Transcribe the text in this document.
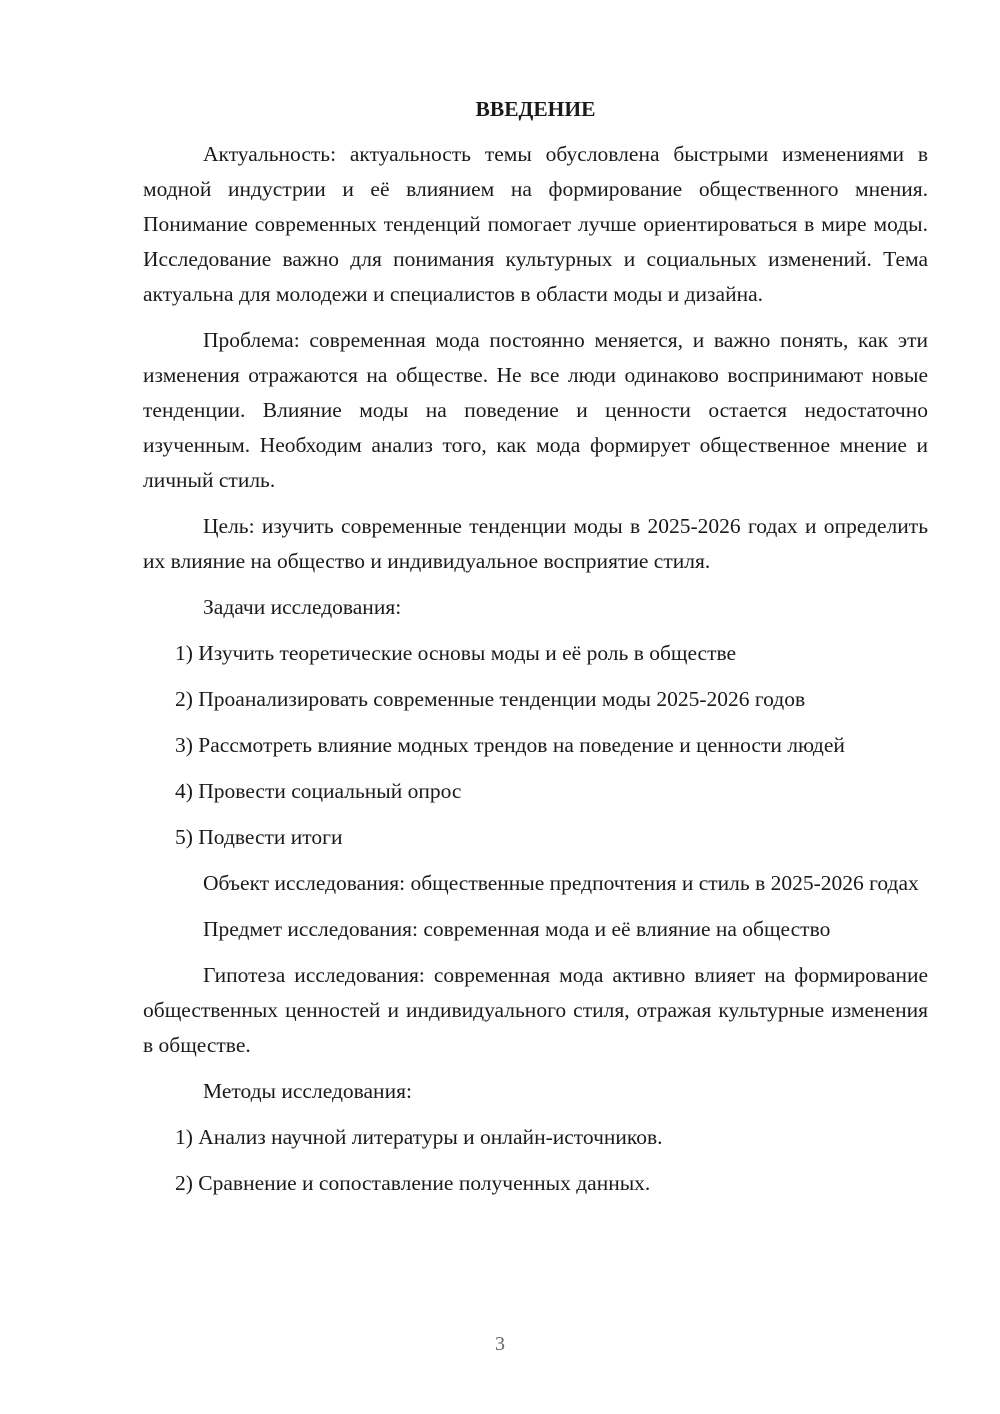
ВВЕДЕНИЕ

Актуальность: актуальность темы обусловлена быстрыми изменениями в модной индустрии и её влиянием на формирование общественного мнения. Понимание современных тенденций помогает лучше ориентироваться в мире моды. Исследование важно для понимания культурных и социальных изменений. Тема актуальна для молодежи и специалистов в области моды и дизайна.

Проблема: современная мода постоянно меняется, и важно понять, как эти изменения отражаются на обществе. Не все люди одинаково воспринимают новые тенденции. Влияние моды на поведение и ценности остается недостаточно изученным. Необходим анализ того, как мода формирует общественное мнение и личный стиль.

Цель: изучить современные тенденции моды в 2025-2026 годах и определить их влияние на общество и индивидуальное восприятие стиля.

Задачи исследования:

1) Изучить теоретические основы моды и её роль в обществе

2) Проанализировать современные тенденции моды 2025-2026 годов

3) Рассмотреть влияние модных трендов на поведение и ценности людей

4) Провести социальный опрос

5) Подвести итоги

Объект исследования: общественные предпочтения и стиль в 2025-2026 годах

Предмет исследования: современная мода и её влияние на общество

Гипотеза исследования: современная мода активно влияет на формирование общественных ценностей и индивидуального стиля, отражая культурные изменения в обществе.

Методы исследования:

1) Анализ научной литературы и онлайн-источников.

2) Сравнение и сопоставление полученных данных.

3
